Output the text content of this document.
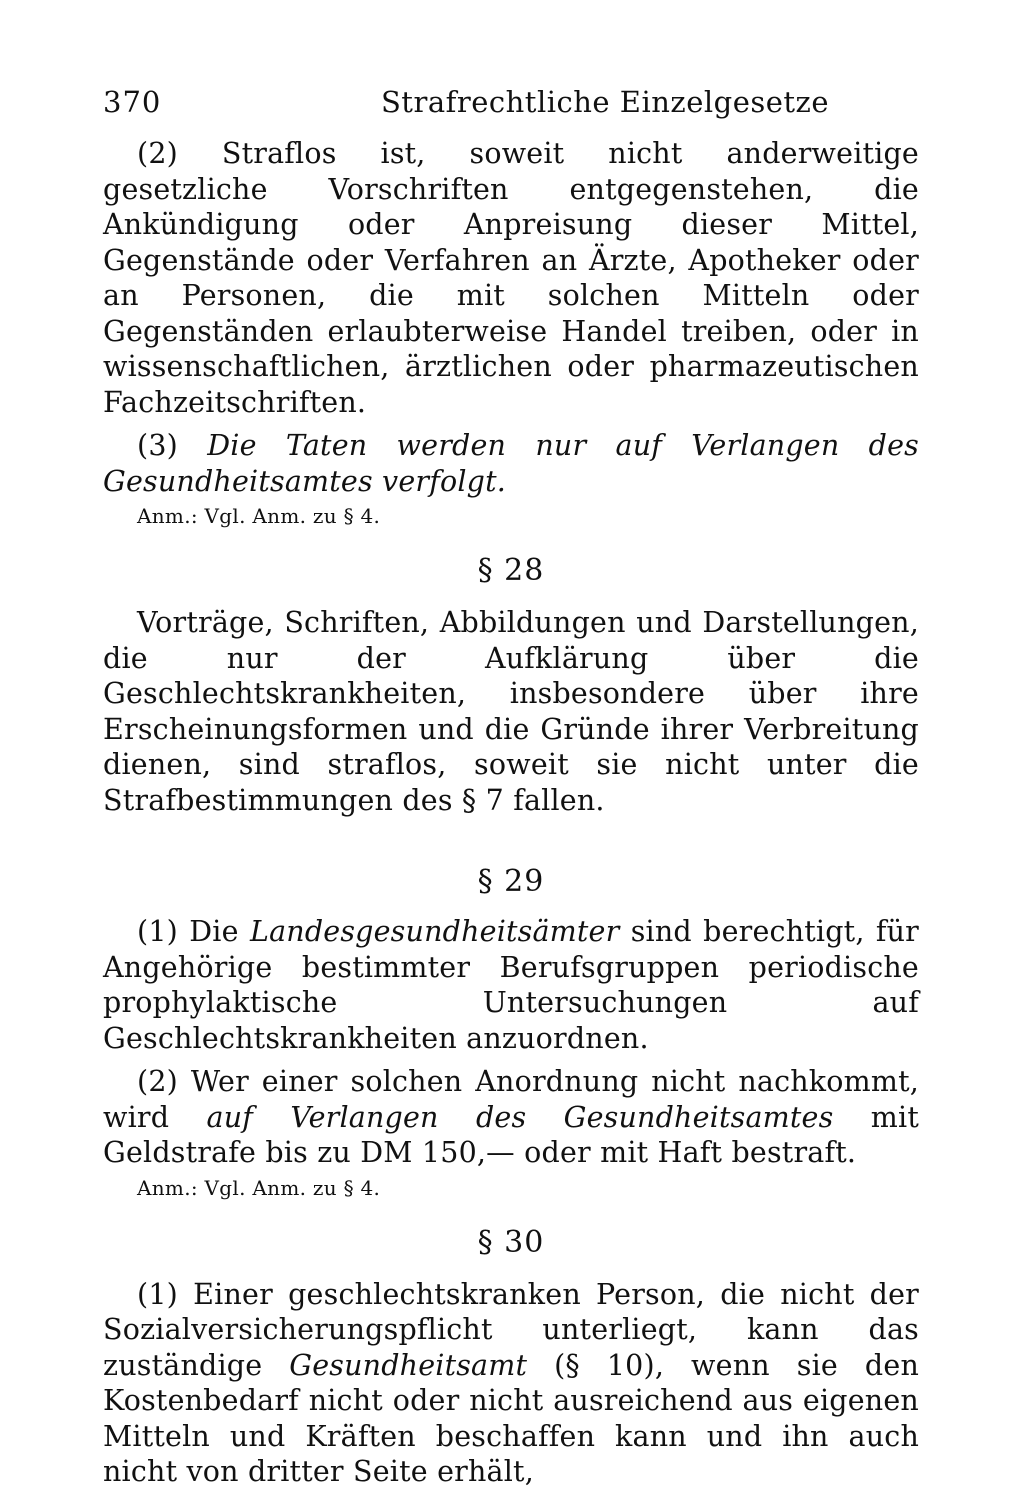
370	Strafrechtliche Einzelgesetze

(2) Straflos ist, soweit nicht anderweitige gesetzliche Vorschriften entgegenstehen, die Ankündigung oder Anpreisung dieser Mittel, Gegenstände oder Verfahren an Ärzte, Apotheker oder an Personen, die mit solchen Mitteln oder Gegenständen erlaubterweise Handel treiben, oder in wissenschaftlichen, ärztlichen oder pharmazeutischen Fachzeitschriften.

(3) Die Taten werden nur auf Verlangen des Gesundheitsamtes verfolgt.

Anm.: Vgl. Anm. zu § 4.
§ 28

Vorträge, Schriften, Abbildungen und Darstellungen, die nur der Aufklärung über die Geschlechtskrankheiten, insbesondere über ihre Erscheinungsformen und die Gründe ihrer Verbreitung dienen, sind straflos, soweit sie nicht unter die Strafbestimmungen des § 7 fallen.

§ 29

(1) Die Landesgesundheitsämter sind berechtigt, für Angehörige bestimmter Berufsgruppen periodische prophylaktische Untersuchungen auf Geschlechtskrankheiten anzuordnen.

(2) Wer einer solchen Anordnung nicht nachkommt, wird auf Verlangen des Gesundheitsamtes mit Geldstrafe bis zu DM 150,— oder mit Haft bestraft.

Anm.: Vgl. Anm. zu § 4.
§ 30

(1) Einer geschlechtskranken Person, die nicht der Sozialversicherungspflicht unterliegt, kann das zuständige Gesundheitsamt (§ 10), wenn sie den Kostenbedarf nicht oder nicht ausreichend aus eigenen Mitteln und Kräften beschaffen kann und ihn auch nicht von dritter Seite erhält,
